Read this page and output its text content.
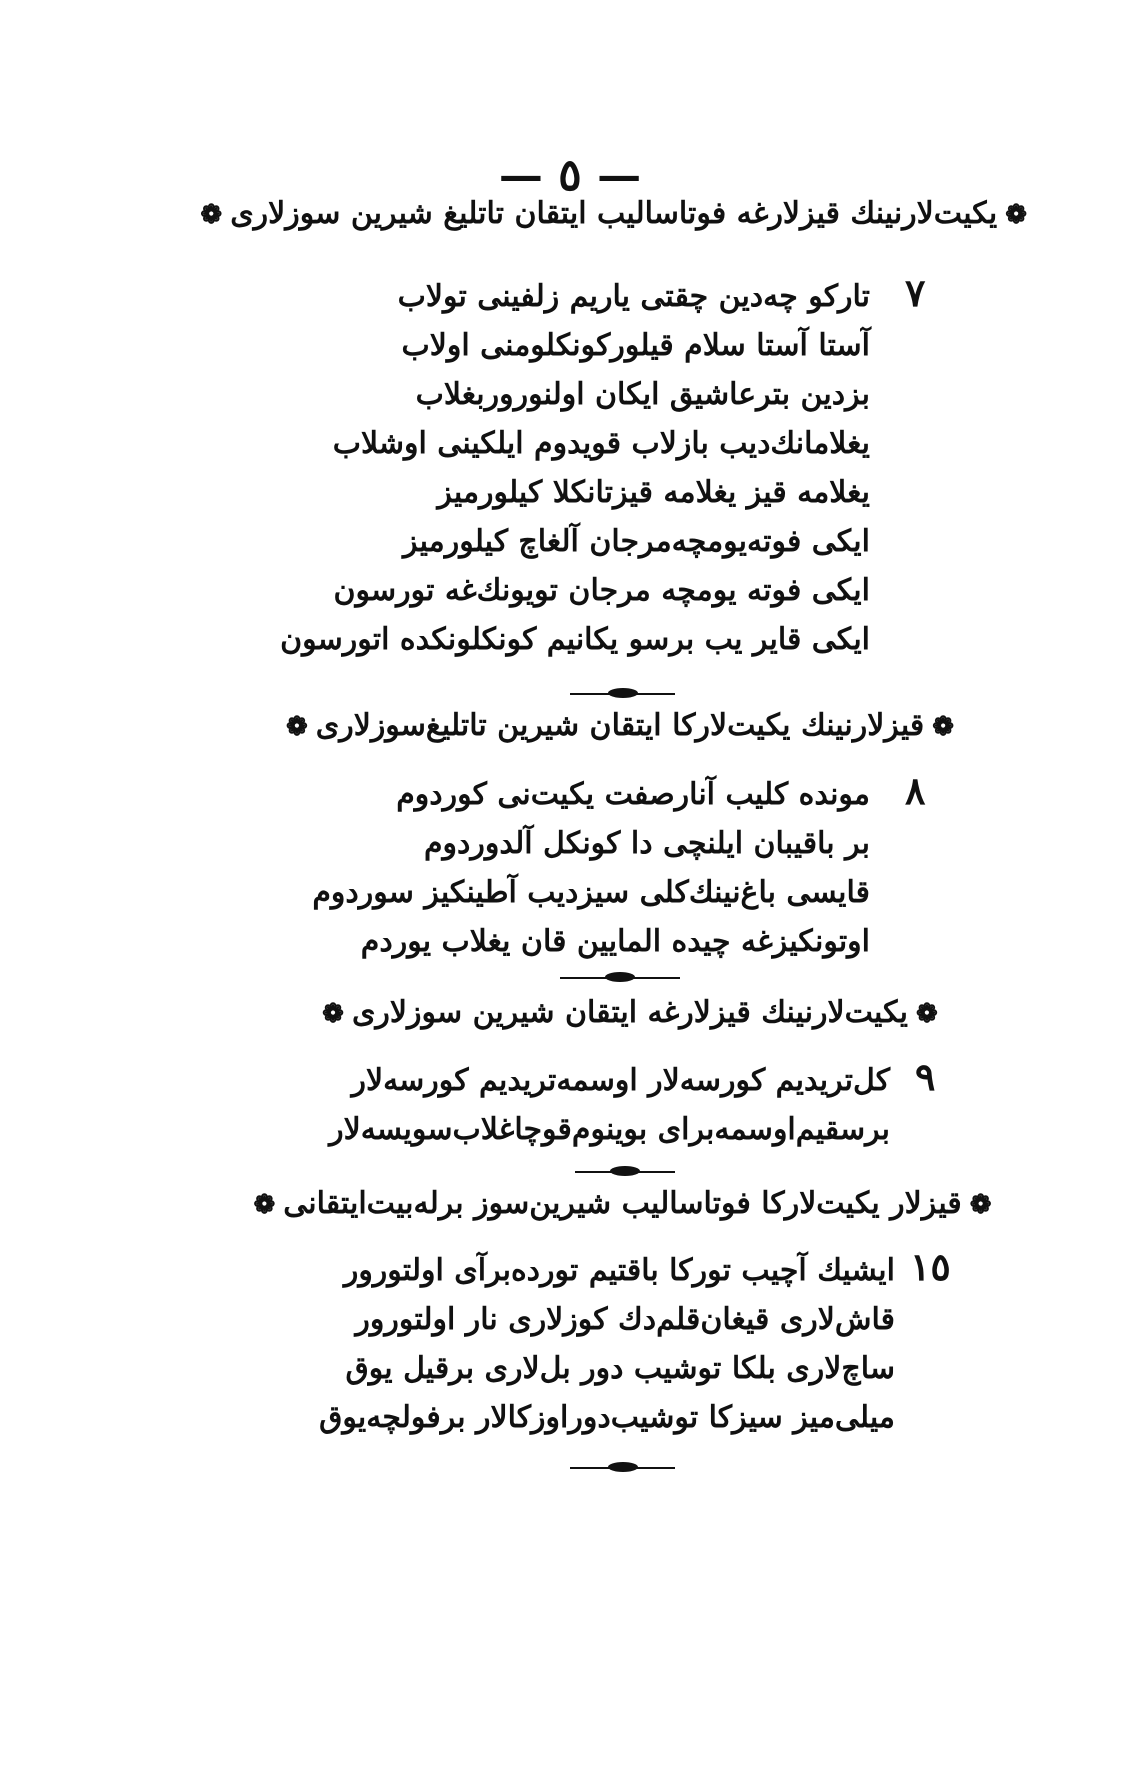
— ٥ —
❁يكيت‌لارنينك قيزلارغه فوتاساليب ايتقان تاتليغ شيرين سوزلارى❁
٧
تاركو چه‌دين چقتى ياريم زلفينى تولاب
آستا آستا سلام قيلوركونكلومنى اولاب
بزدين بترعاشيق ايكان اولنوروربغلاب
يغلامانك‌ديب بازلاب قويدوم ايلكينى اوشلاب
يغلامه قيز يغلامه قيزتانكلا كيلورميز
ايكى فوته‌يومچه‌مرجان آلغاچ كيلورميز
ايكى فوته يومچه مرجان تويونك‌غه تورسون
ايكى قاير يب برسو يكانيم كونكلونكده اتورسون
❁قيزلارنينك يكيت‌لاركا ايتقان شيرين تاتليغ‌سوزلارى❁
٨
مونده كليب آنارصفت يكيت‌نى كوردوم
بر باقيبان ايلنچى دا كونكل آلدوردوم
قايسى باغ‌نينك‌كلى سيزديب آطينكيز سوردوم
اوتونكيزغه چيده المايين قان يغلاب يوردم
❁يكيت‌لارنينك قيزلارغه ايتقان شيرين سوزلارى❁
٩
كل‌تريديم كورسه‌لار اوسمه‌تريديم كورسه‌لار
برسقيم‌اوسمه‌براى بوينوم‌قوچاغلاب‌سويسه‌لار
❁قيزلار يكيت‌لاركا فوتاساليب شيرين‌سوز برله‌بيت‌ايتقانى❁
١٥
ايشيك آچيب توركا باقتيم تورده‌برآى اولتورور
قاش‌لارى قيغان‌قلم‌دك كوزلارى نار اولتورور
ساچ‌لارى بلكا توشيب دور بل‌لارى برقيل يوق
ميلى‌ميز سيزكا توشيب‌دوراوزكالار برفولچه‌يوق
